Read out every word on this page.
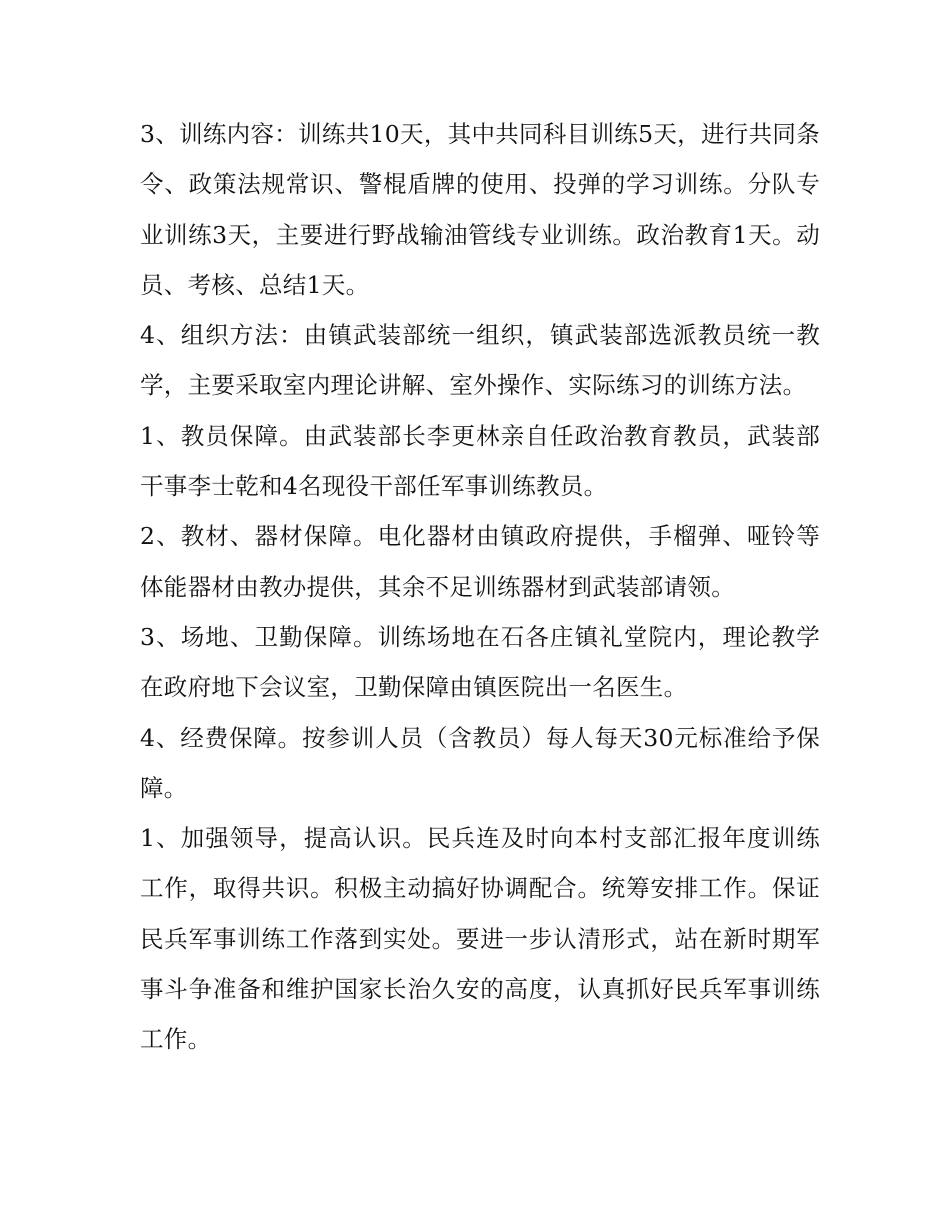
3、训练内容：训练共10天，其中共同科目训练5天，进行共同条令、政策法规常识、警棍盾牌的使用、投弹的学习训练。分队专业训练3天，主要进行野战输油管线专业训练。政治教育1天。动员、考核、总结1天。

4、组织方法：由镇武装部统一组织，镇武装部选派教员统一教学，主要采取室内理论讲解、室外操作、实际练习的训练方法。

1、教员保障。由武装部长李更林亲自任政治教育教员，武装部干事李士乾和4名现役干部任军事训练教员。

2、教材、器材保障。电化器材由镇政府提供，手榴弹、哑铃等体能器材由教办提供，其余不足训练器材到武装部请领。

3、场地、卫勤保障。训练场地在石各庄镇礼堂院内，理论教学在政府地下会议室，卫勤保障由镇医院出一名医生。

4、经费保障。按参训人员（含教员）每人每天30元标准给予保障。

1、加强领导，提高认识。民兵连及时向本村支部汇报年度训练工作，取得共识。积极主动搞好协调配合。统筹安排工作。保证民兵军事训练工作落到实处。要进一步认清形式，站在新时期军事斗争准备和维护国家长治久安的高度，认真抓好民兵军事训练工作。
